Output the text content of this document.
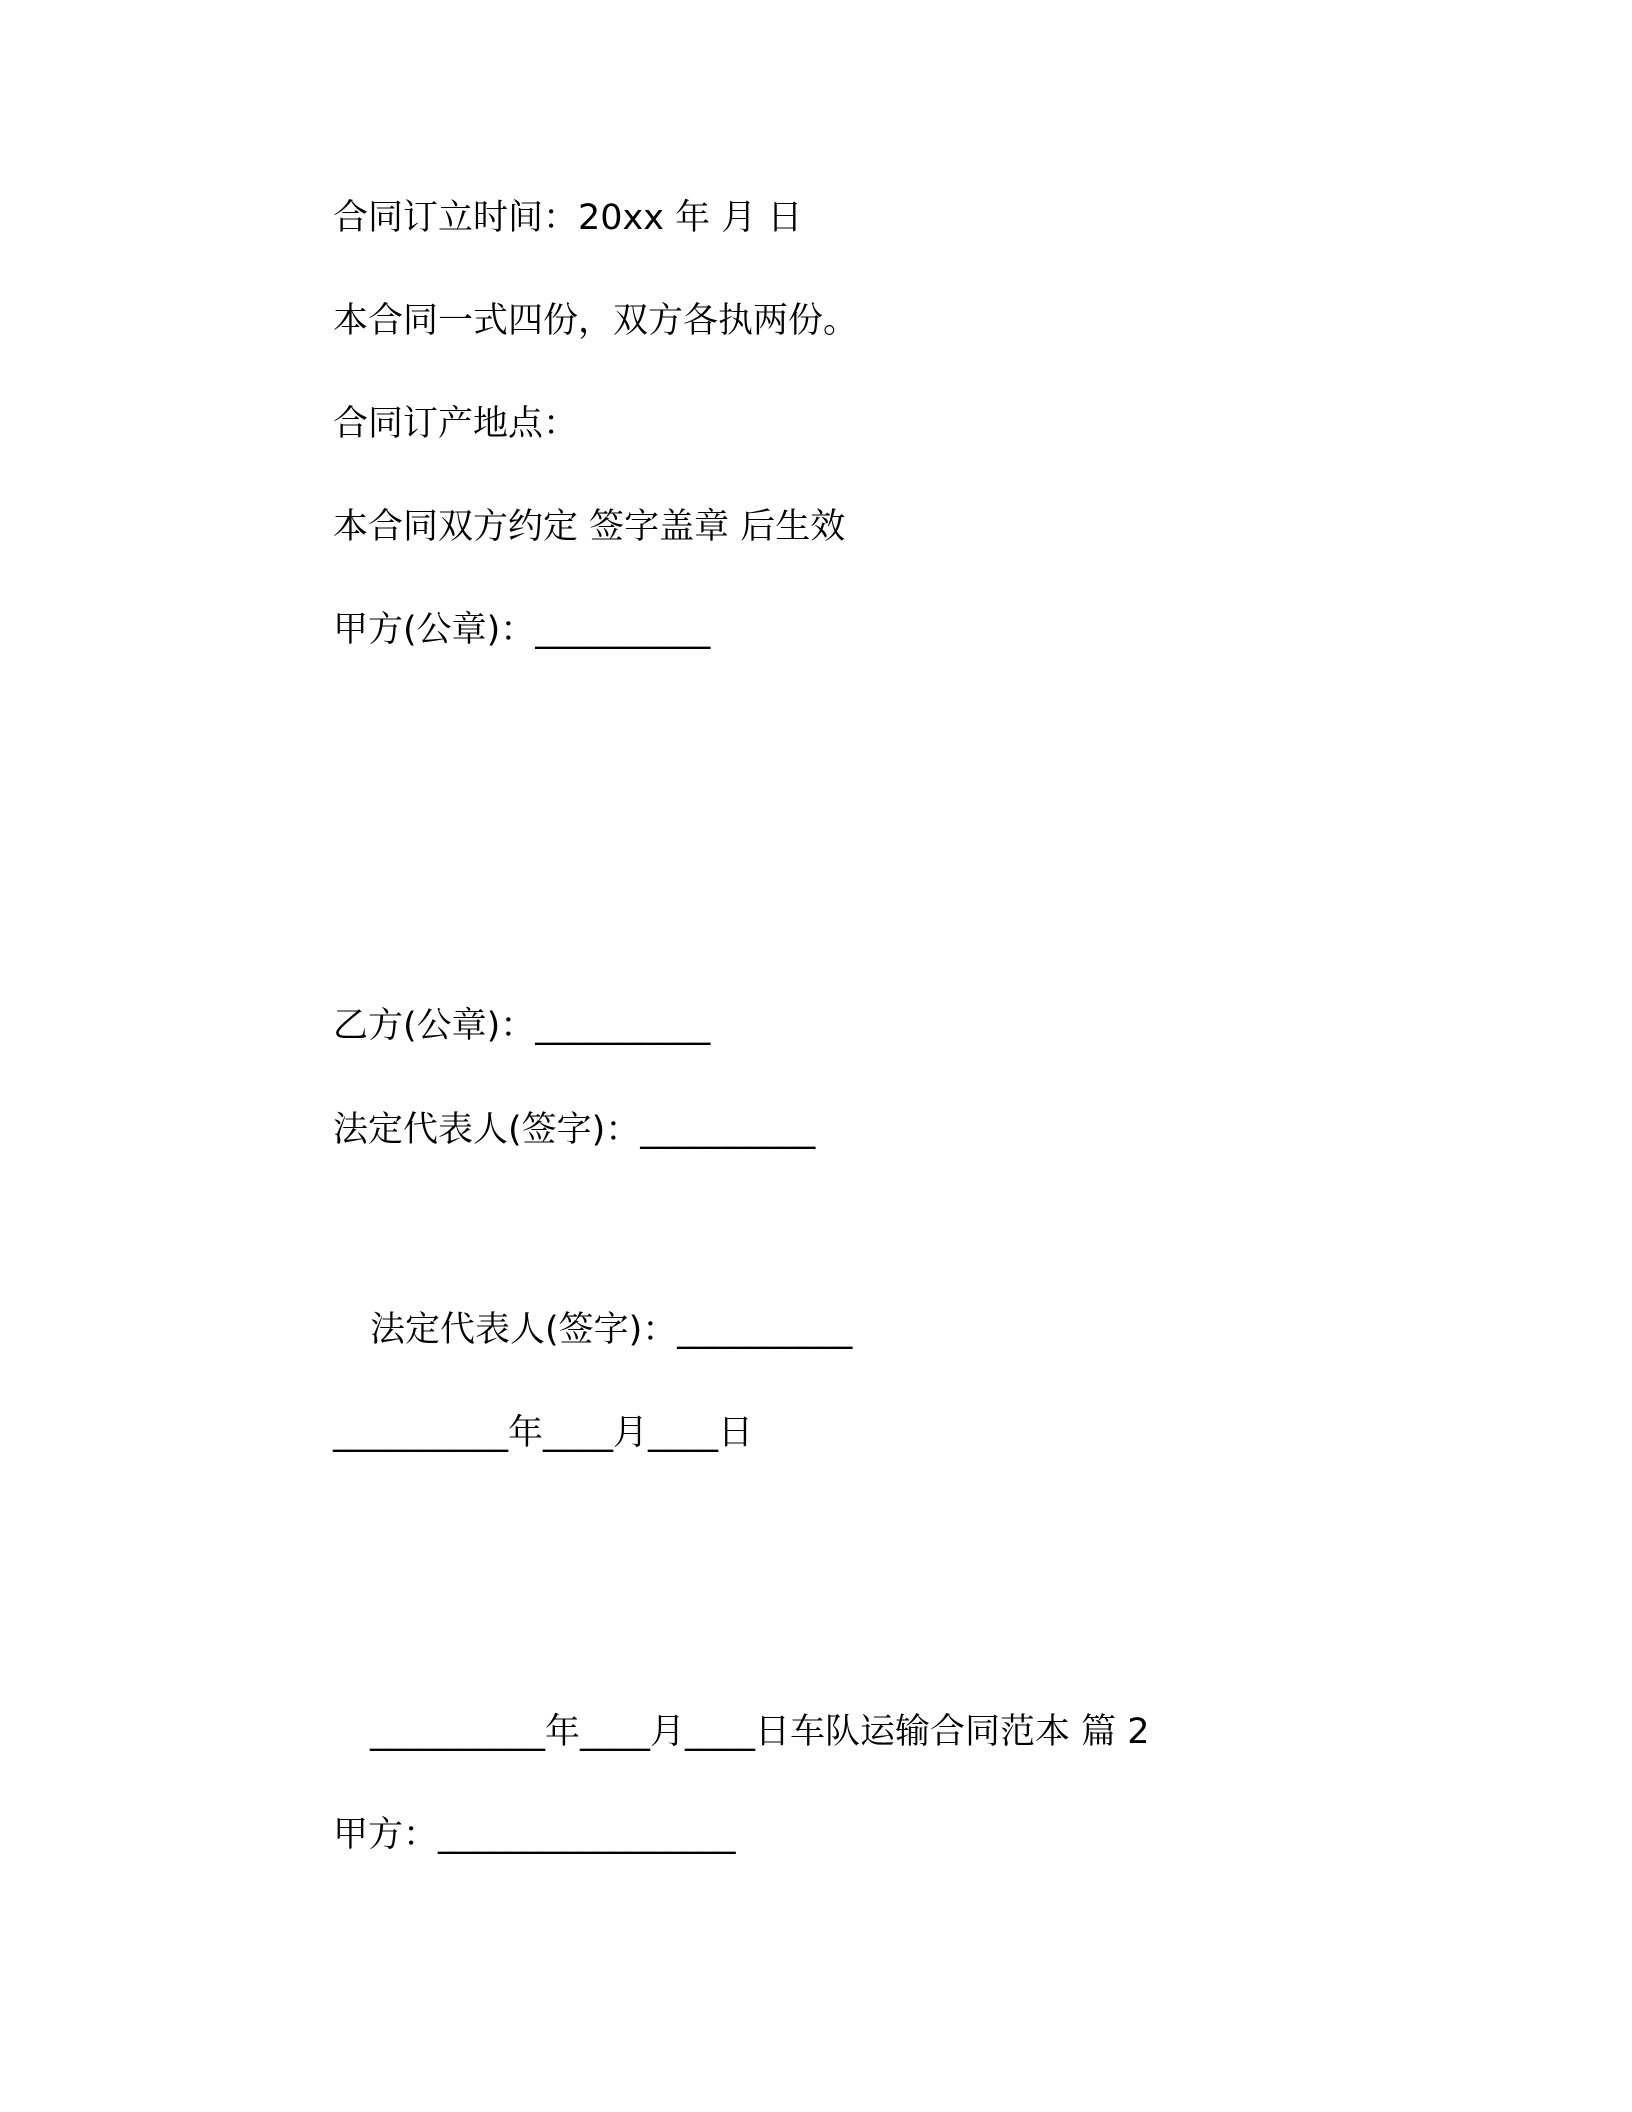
合同订立时间：20xx 年 月 日
本合同一式四份，双方各执两份。
合同订产地点：
本合同双方约定 签字盖章 后生效
甲方(公章)：__________
乙方(公章)：__________
法定代表人(签字)：__________
法定代表人(签字)：__________
__________年____月____日
__________年____月____日车队运输合同范本 篇 2
甲方：_________________
